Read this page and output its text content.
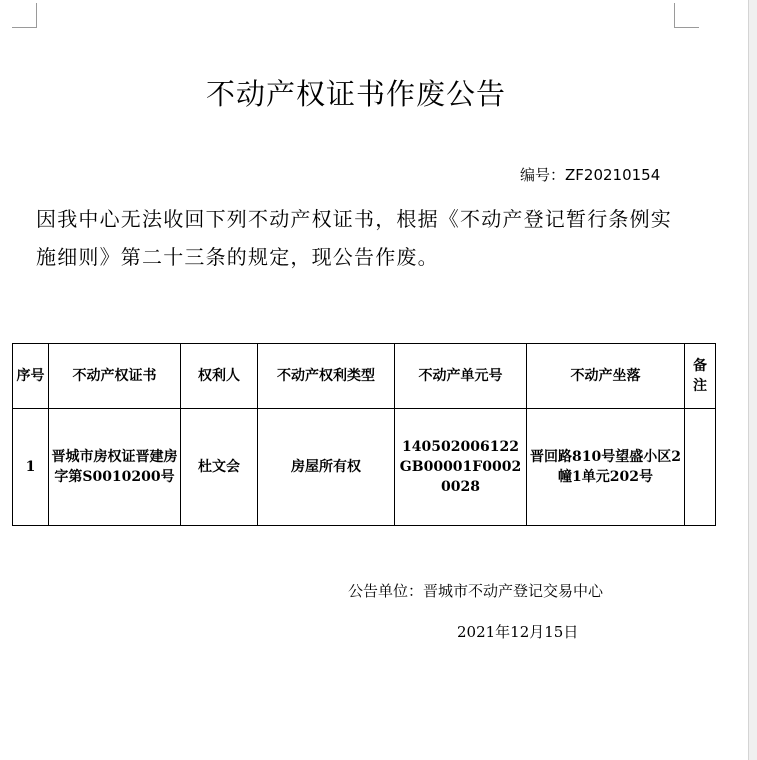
不动产权证书作废公告
编号：ZF20210154
因我中心无法收回下列不动产权证书，根据《不动产登记暂行条例实施细则》第二十三条的规定，现公告作废。
序号	不动产权证书	权利人	不动产权利类型	不动产单元号	不动产坐落	备注
1	晋城市房权证晋建房字第S0010200号	杜文会	房屋所有权	140502006122GB00001F00020028	晋回路810号望盛小区2幢1单元202号	
公告单位：晋城市不动产登记交易中心
2021年12月15日
